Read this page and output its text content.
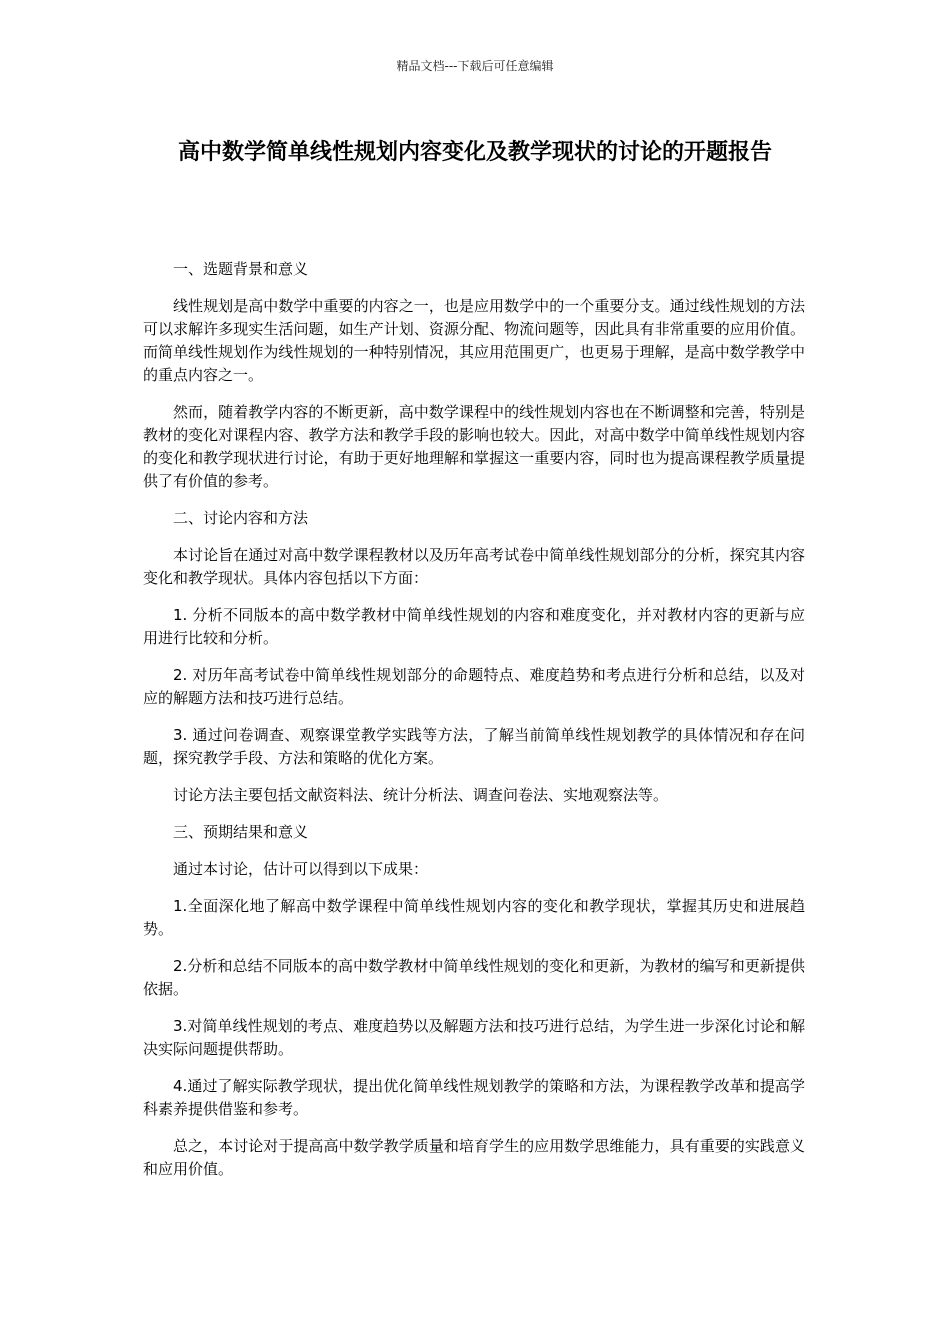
精品文档---下载后可任意编辑
高中数学简单线性规划内容变化及教学现状的讨论的开题报告

一、选题背景和意义

线性规划是高中数学中重要的内容之一，也是应用数学中的一个重要分支。通过线性规划的方法可以求解许多现实生活问题，如生产计划、资源分配、物流问题等，因此具有非常重要的应用价值。而简单线性规划作为线性规划的一种特别情况，其应用范围更广，也更易于理解，是高中数学教学中的重点内容之一。

然而，随着教学内容的不断更新，高中数学课程中的线性规划内容也在不断调整和完善，特别是教材的变化对课程内容、教学方法和教学手段的影响也较大。因此，对高中数学中简单线性规划内容的变化和教学现状进行讨论，有助于更好地理解和掌握这一重要内容，同时也为提高课程教学质量提供了有价值的参考。

二、讨论内容和方法

本讨论旨在通过对高中数学课程教材以及历年高考试卷中简单线性规划部分的分析，探究其内容变化和教学现状。具体内容包括以下方面：

1. 分析不同版本的高中数学教材中简单线性规划的内容和难度变化，并对教材内容的更新与应用进行比较和分析。

2. 对历年高考试卷中简单线性规划部分的命题特点、难度趋势和考点进行分析和总结，以及对应的解题方法和技巧进行总结。

3. 通过问卷调查、观察课堂教学实践等方法，了解当前简单线性规划教学的具体情况和存在问题，探究教学手段、方法和策略的优化方案。

讨论方法主要包括文献资料法、统计分析法、调查问卷法、实地观察法等。

三、预期结果和意义

通过本讨论，估计可以得到以下成果：

1.全面深化地了解高中数学课程中简单线性规划内容的变化和教学现状，掌握其历史和进展趋势。

2.分析和总结不同版本的高中数学教材中简单线性规划的变化和更新，为教材的编写和更新提供依据。

3.对简单线性规划的考点、难度趋势以及解题方法和技巧进行总结，为学生进一步深化讨论和解决实际问题提供帮助。

4.通过了解实际教学现状，提出优化简单线性规划教学的策略和方法，为课程教学改革和提高学科素养提供借鉴和参考。

总之，本讨论对于提高高中数学教学质量和培育学生的应用数学思维能力，具有重要的实践意义和应用价值。
